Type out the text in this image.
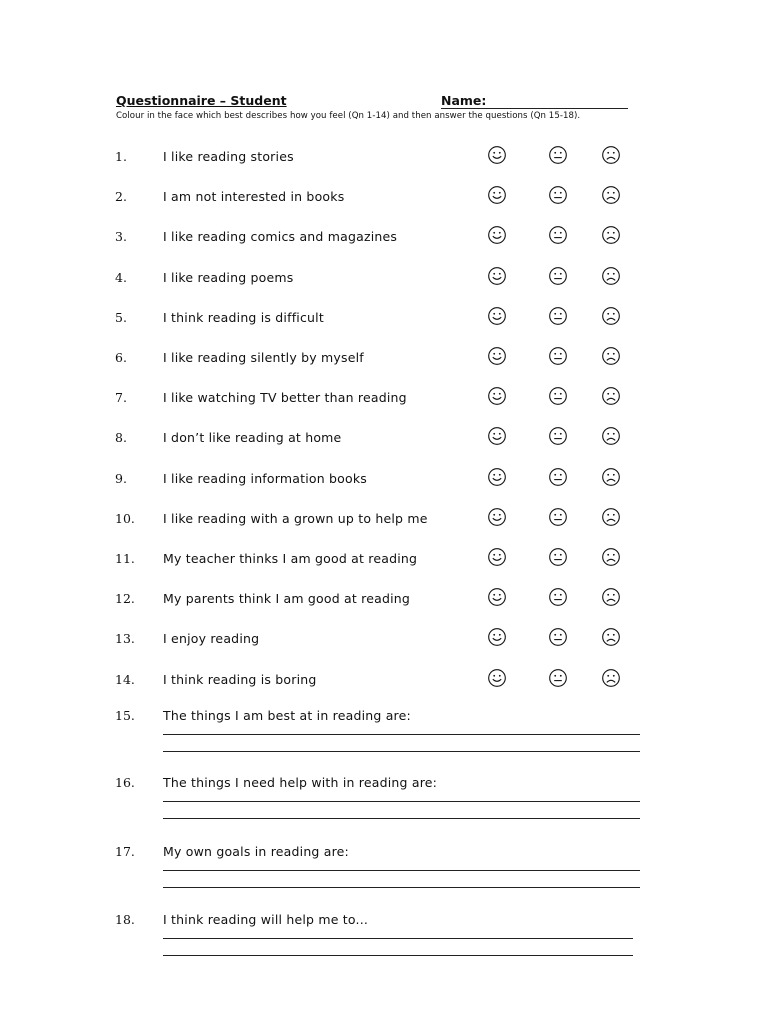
Questionnaire – Student	Name:
Colour in the face which best describes how you feel (Qn 1-14) and then answer the questions (Qn 15-18).
1.	I like reading stories
2.	I am not interested in books
3.	I like reading comics and magazines
4.	I like reading poems
5.	I think reading is difficult
6.	I like reading silently by myself
7.	I like watching TV better than reading
8.	I don’t like reading at home
9.	I like reading information books
10. I like reading with a grown up to help me
11. My teacher thinks I am good at reading
12. My parents think I am good at reading
13. I enjoy reading
14. I think reading is boring
15. The things I am best at in reading are:
16. The things I need help with in reading are:
17. My own goals in reading are:
18. I think reading will help me to...
